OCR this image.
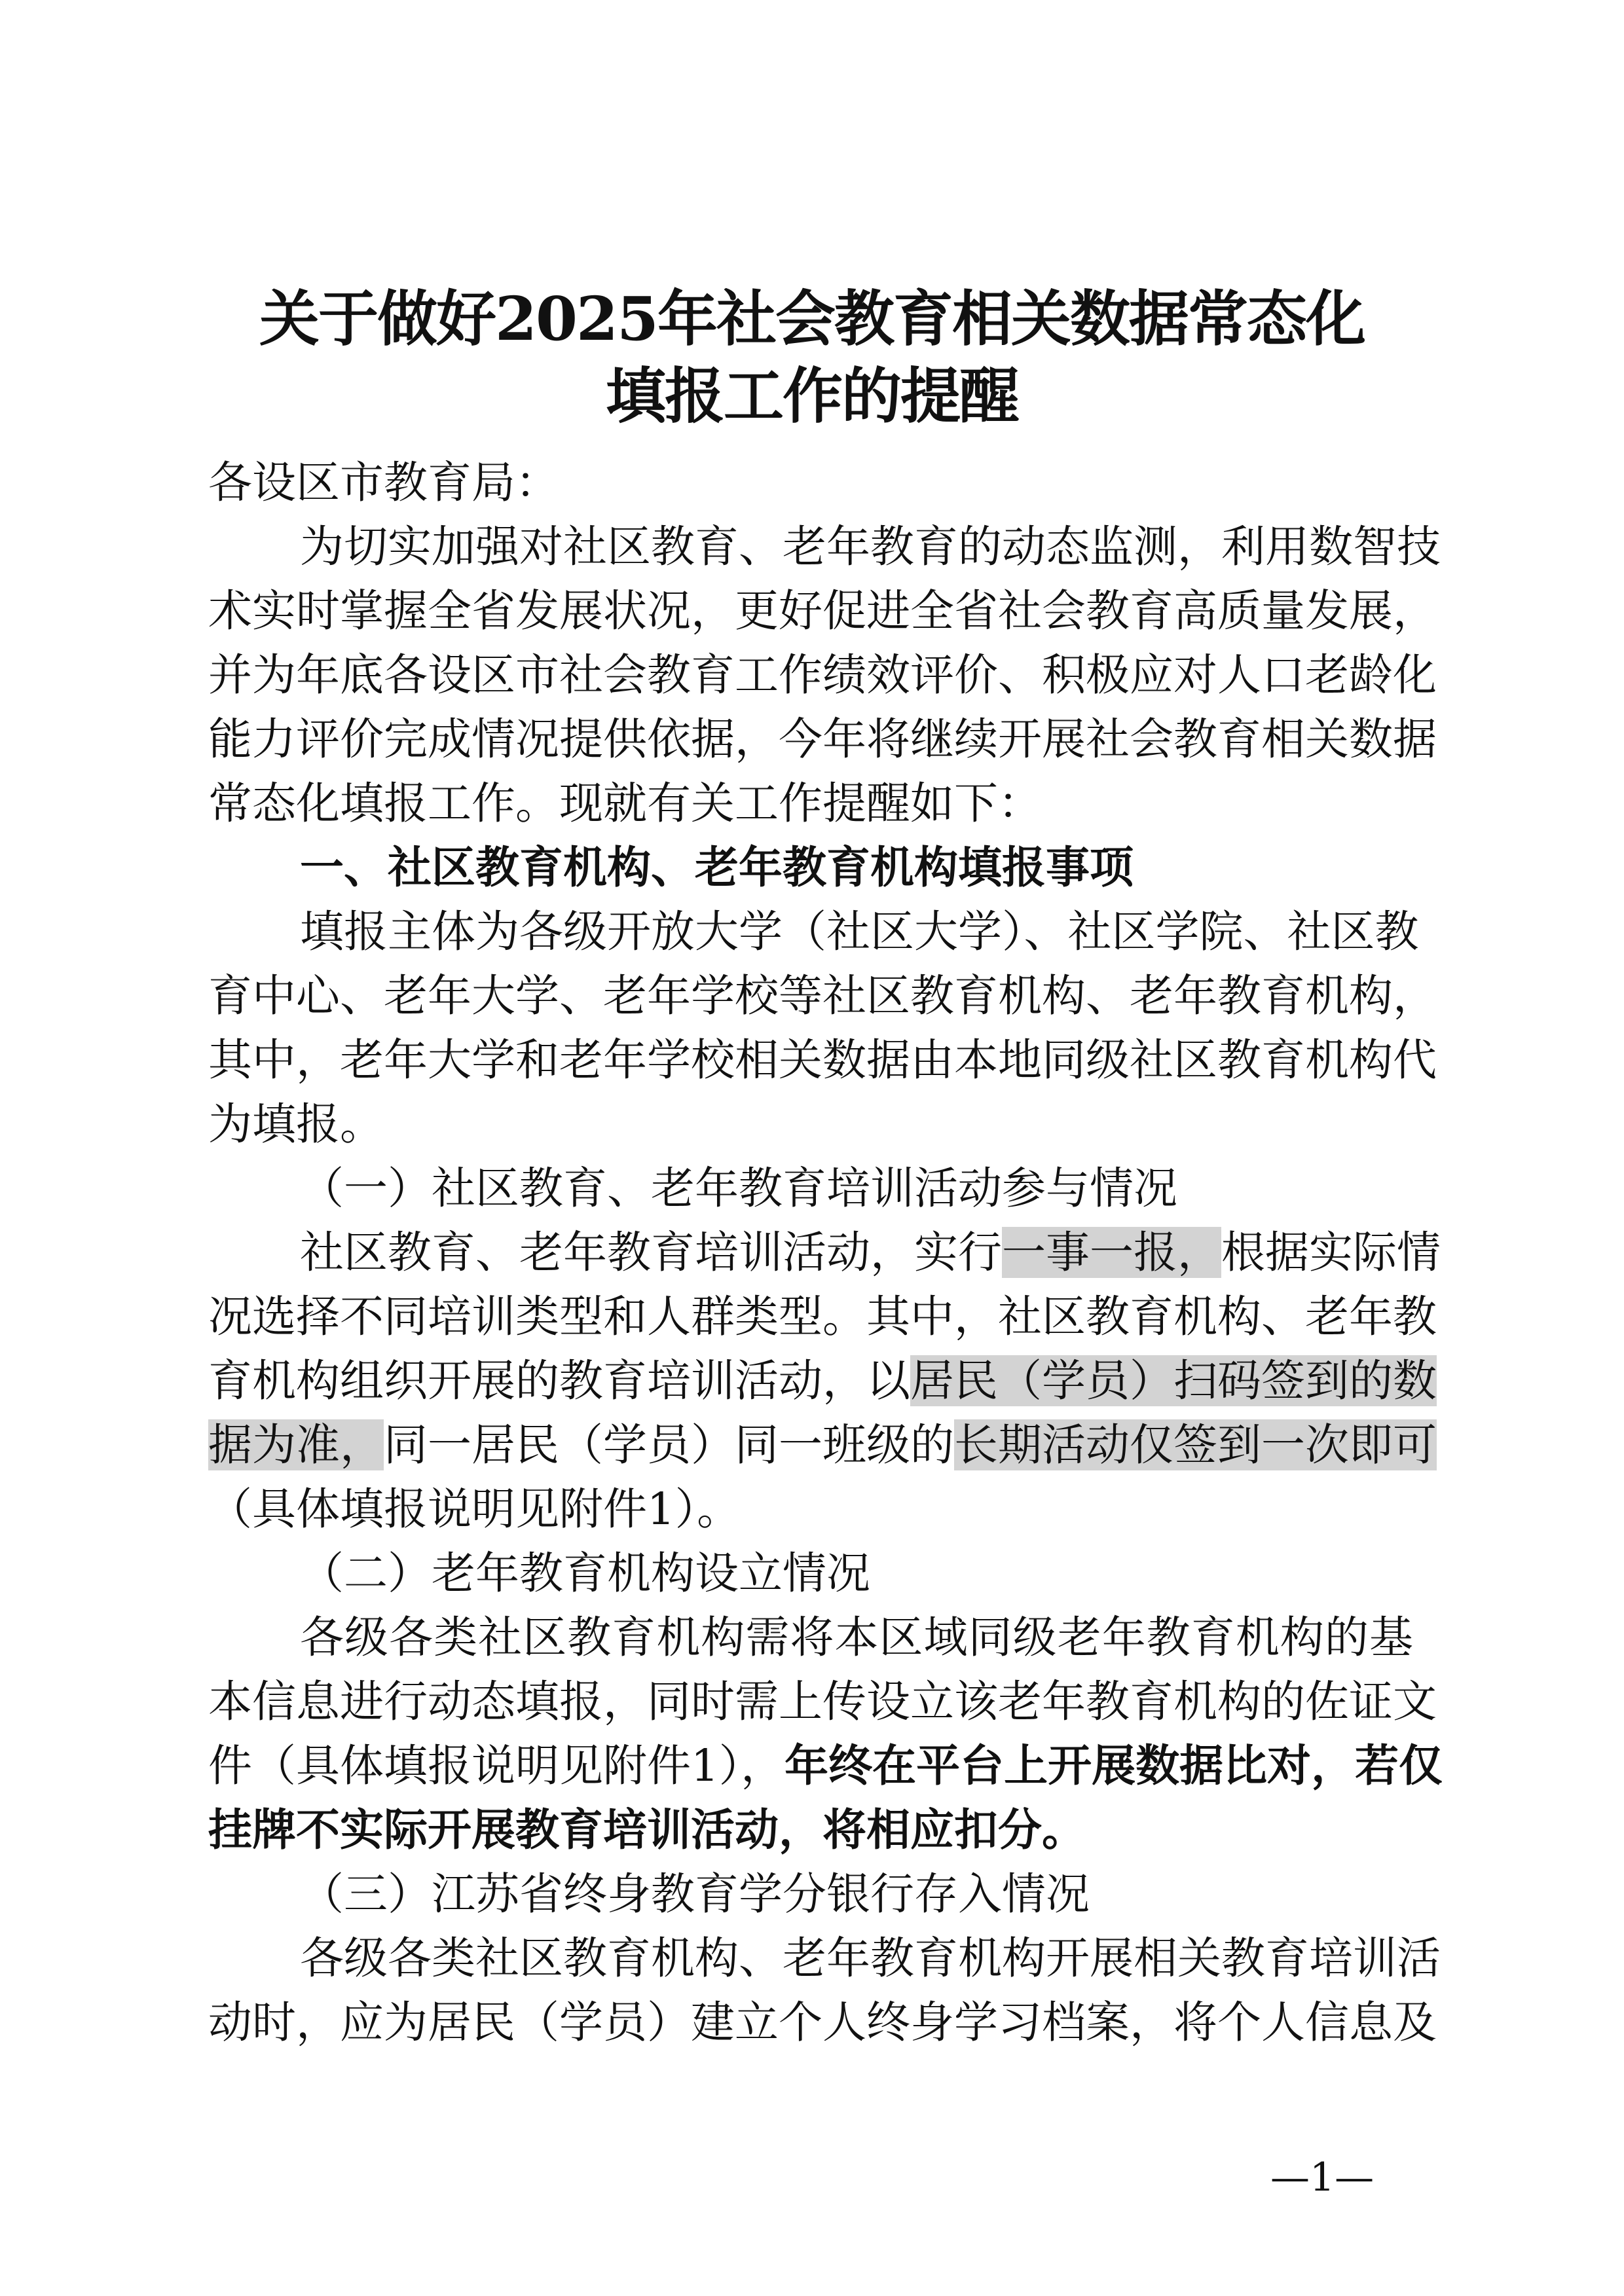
关于做好2025年社会教育相关数据常态化
填报工作的提醒
各设区市教育局：
为切实加强对社区教育、老年教育的动态监测，利用数智技
术实时掌握全省发展状况，更好促进全省社会教育高质量发展，
并为年底各设区市社会教育工作绩效评价、积极应对人口老龄化
能力评价完成情况提供依据，今年将继续开展社会教育相关数据
常态化填报工作。现就有关工作提醒如下：
一、社区教育机构、老年教育机构填报事项
填报主体为各级开放大学（社区大学）、社区学院、社区教
育中心、老年大学、老年学校等社区教育机构、老年教育机构，
其中，老年大学和老年学校相关数据由本地同级社区教育机构代
为填报。
（一）社区教育、老年教育培训活动参与情况
社区教育、老年教育培训活动，实行一事一报，根据实际情
况选择不同培训类型和人群类型。其中，社区教育机构、老年教
育机构组织开展的教育培训活动，以居民（学员）扫码签到的数
据为准，同一居民（学员）同一班级的长期活动仅签到一次即可
（具体填报说明见附件1）。
（二）老年教育机构设立情况
各级各类社区教育机构需将本区域同级老年教育机构的基
本信息进行动态填报，同时需上传设立该老年教育机构的佐证文
件（具体填报说明见附件1），年终在平台上开展数据比对，若仅
挂牌不实际开展教育培训活动，将相应扣分。
（三）江苏省终身教育学分银行存入情况
各级各类社区教育机构、老年教育机构开展相关教育培训活
动时，应为居民（学员）建立个人终身学习档案，将个人信息及
—1—
